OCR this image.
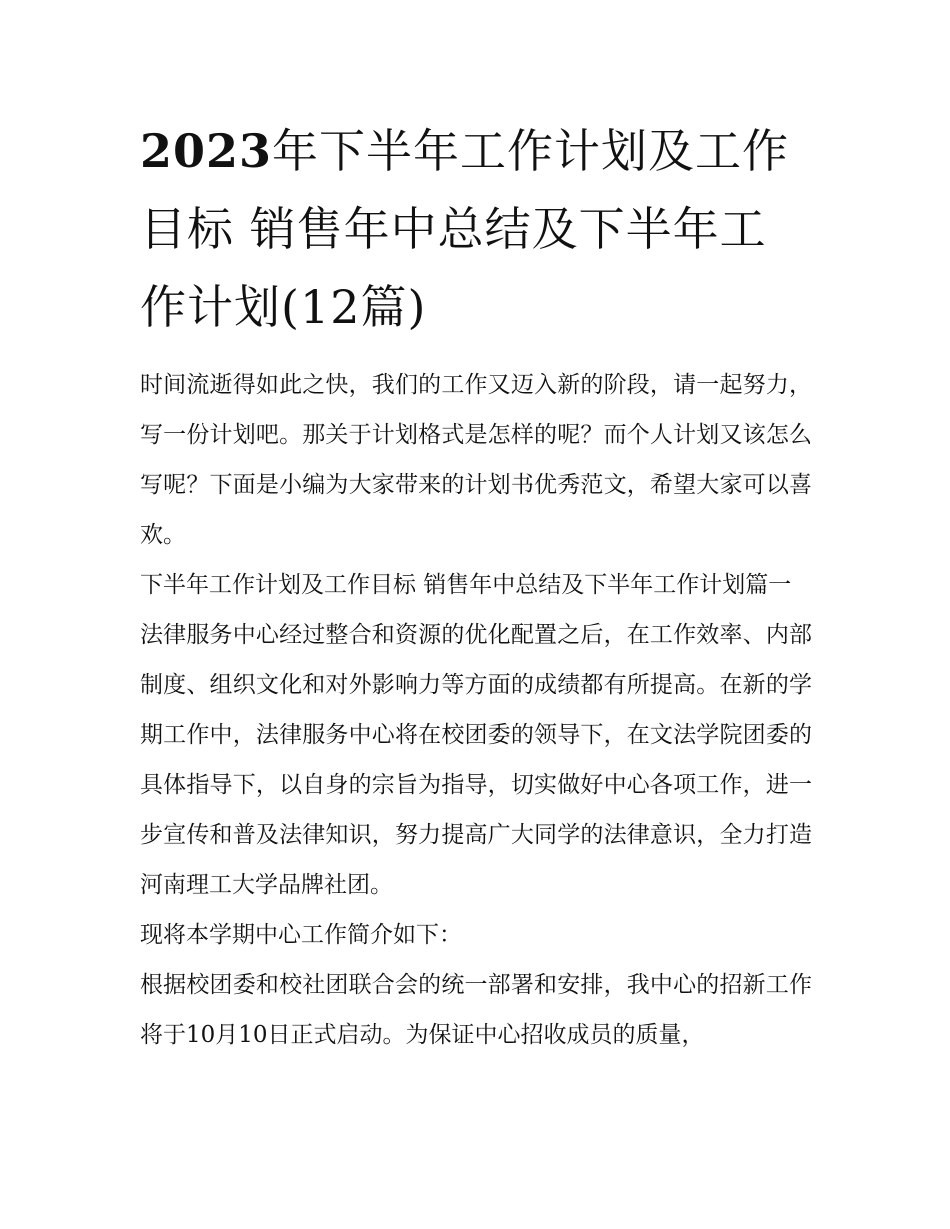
2023年下半年工作计划及工作目标 销售年中总结及下半年工作计划(12篇)

时间流逝得如此之快，我们的工作又迈入新的阶段，请一起努力，写一份计划吧。那关于计划格式是怎样的呢？而个人计划又该怎么写呢？下面是小编为大家带来的计划书优秀范文，希望大家可以喜欢。

下半年工作计划及工作目标 销售年中总结及下半年工作计划篇一

法律服务中心经过整合和资源的优化配置之后，在工作效率、内部制度、组织文化和对外影响力等方面的成绩都有所提高。在新的学期工作中，法律服务中心将在校团委的领导下，在文法学院团委的具体指导下，以自身的宗旨为指导，切实做好中心各项工作，进一步宣传和普及法律知识，努力提高广大同学的法律意识，全力打造河南理工大学品牌社团。

现将本学期中心工作简介如下：

根据校团委和校社团联合会的统一部署和安排，我中心的招新工作将于10月10日正式启动。为保证中心招收成员的质量，
